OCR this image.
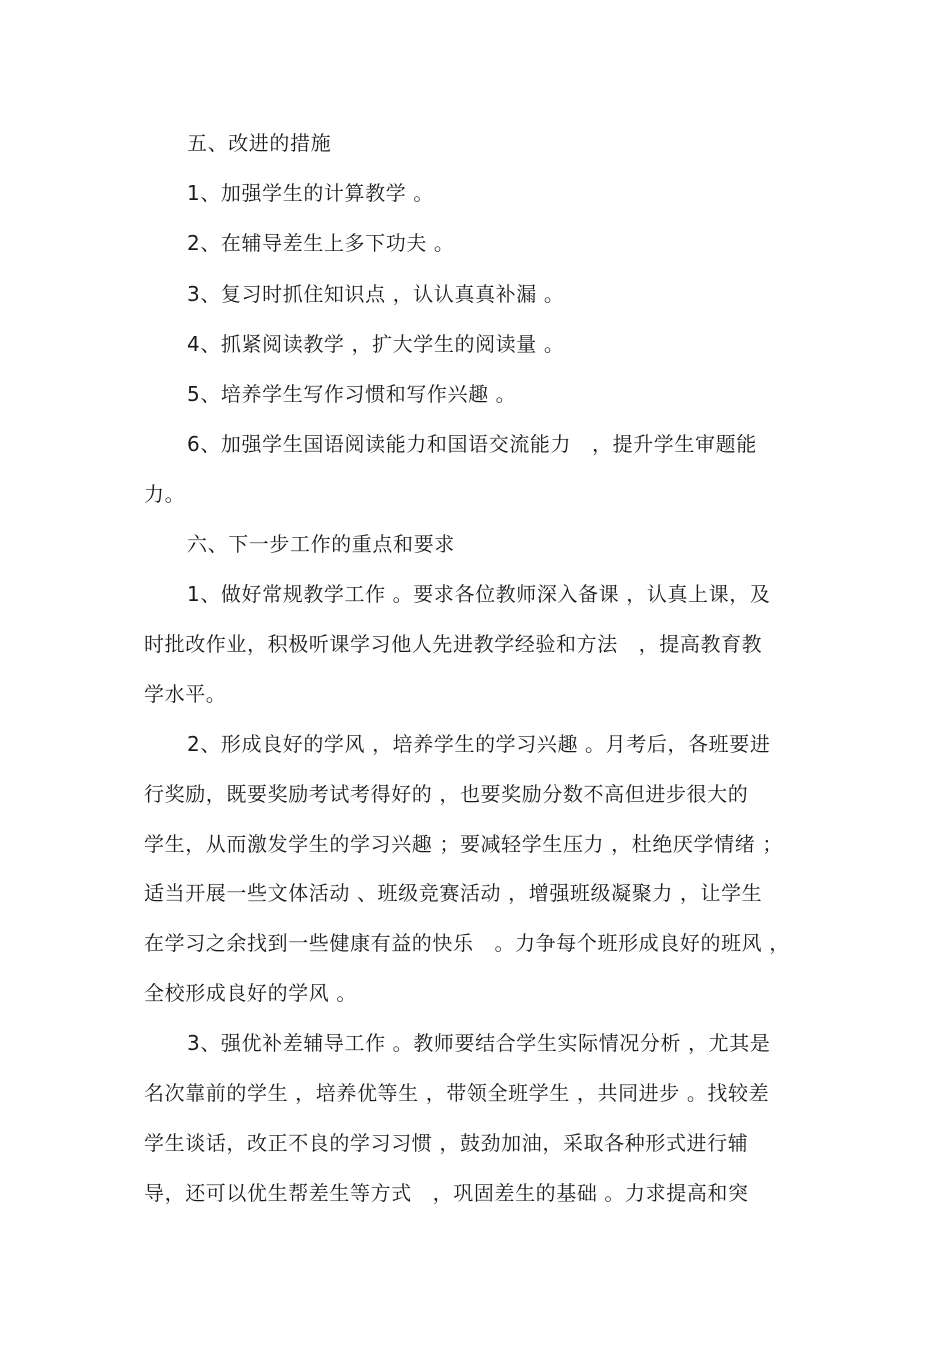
五、改进的措施
1、加强学生的计算教学 。
2、在辅导差生上多下功夫 。
3、复习时抓住知识点 ，认认真真补漏 。
4、抓紧阅读教学 ，扩大学生的阅读量 。
5、培养学生写作习惯和写作兴趣 。
6、加强学生国语阅读能力和国语交流能力   ，提升学生审题能
力。
六、下一步工作的重点和要求
1、做好常规教学工作 。要求各位教师深入备课 ，认真上课，及
时批改作业，积极听课学习他人先进教学经验和方法   ，提高教育教
学水平。
2、形成良好的学风 ，培养学生的学习兴趣 。月考后，各班要进
行奖励，既要奖励考试考得好的 ，也要奖励分数不高但进步很大的
学生，从而激发学生的学习兴趣 ；要减轻学生压力 ，杜绝厌学情绪 ；
适当开展一些文体活动 、班级竞赛活动 ，增强班级凝聚力 ，让学生
在学习之余找到一些健康有益的快乐   。力争每个班形成良好的班风 ，
全校形成良好的学风 。
3、强优补差辅导工作 。教师要结合学生实际情况分析 ，尤其是
名次靠前的学生 ，培养优等生 ，带领全班学生 ，共同进步 。找较差
学生谈话，改正不良的学习习惯 ，鼓劲加油，采取各种形式进行辅
导，还可以优生帮差生等方式   ，巩固差生的基础 。力求提高和突
